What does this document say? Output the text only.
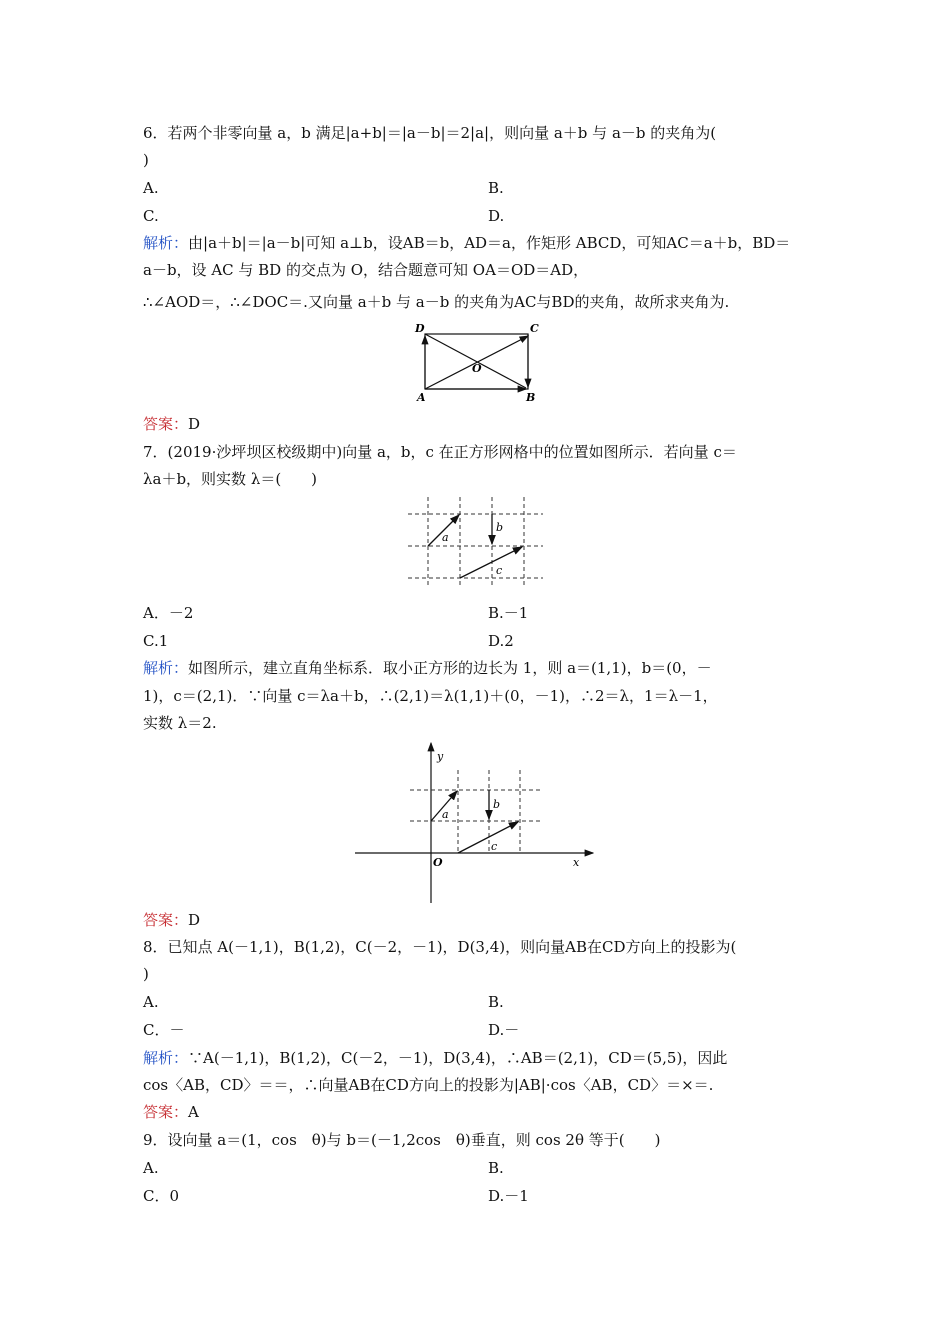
6．若两个非零向量 a，b 满足|a+b|＝|a－b|＝2|a|，则向量 a＋b 与 a－b 的夹角为(
)
A.	B.
C.	D.
解析：由|a＋b|＝|a－b|可知 a⊥b，设AB＝b，AD＝a，作矩形 ABCD，可知AC＝a＋b，BD＝
a－b，设 AC 与 BD 的交点为 O，结合题意可知 OA＝OD＝AD，
∴∠AOD＝，∴∠DOC＝.又向量 a＋b 与 a－b 的夹角为AC与BD的夹角，故所求夹角为.
D	C
O
A	B
答案：D
7．(2019·沙坪坝区校级期中)向量 a，b，c 在正方形网格中的位置如图所示．若向量 c＝
λa＋b，则实数 λ＝(　　)
a
b
c
A．－2	B.－1
C.1	D.2
解析：如图所示，建立直角坐标系．取小正方形的边长为 1，则 a＝(1,1)，b＝(0，－
1)，c＝(2,1)．∵向量 c＝λa＋b，∴(2,1)＝λ(1,1)＋(0，－1)，∴2＝λ，1＝λ－1，
实数 λ＝2.
y
x
O
a
b
c
答案：D
8．已知点 A(－1,1)，B(1,2)，C(－2，－1)，D(3,4)，则向量AB在CD方向上的投影为(
)
A.	B.
C．－	D.－
解析：∵A(－1,1)，B(1,2)，C(－2，－1)，D(3,4)，∴AB＝(2,1)，CD＝(5,5)，因此
cos〈AB，CD〉＝＝，∴向量AB在CD方向上的投影为|AB|·cos〈AB，CD〉＝×＝.
答案：A
9．设向量 a＝(1，cos　θ)与 b＝(－1,2cos　θ)垂直，则 cos 2θ 等于(　　)
A.	B.
C．0	D.－1
